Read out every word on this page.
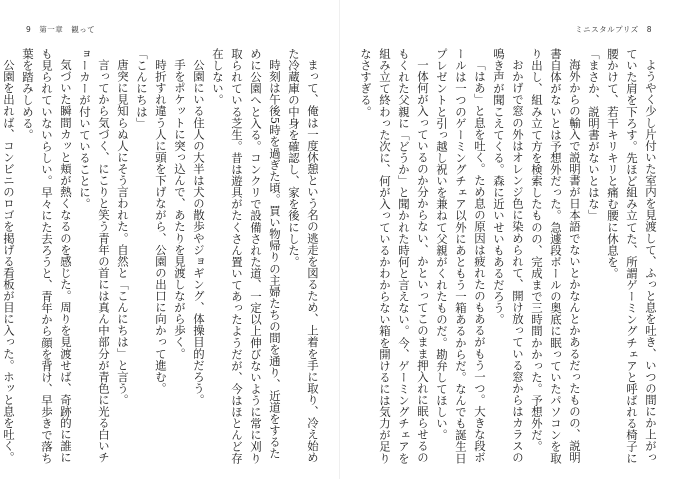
9　第一章　観って

まって、俺は一度休憩という名の逃走を図るため、上着を手に取り、冷え始めた冷蔵庫の中身を確認し、家を後にした。

時刻は午後5時を過ぎた頃。買い物帰りの主婦たちの間を通り、近道をするために公園へと入る。コンクリで設備された道、一定以上伸びないように常に刈り取られている芝生。昔は遊具がたくさん置いてあったようだが、今はほとんど存在しない。

公園にいる住人の大半は犬の散歩やジョギング、体操目的だろう。

手をポケットに突っ込んで、あたりを見渡しながら歩く。

時折すれ違う人に頭を下げながら、公園の出口に向かって進む。

「こんにちは」

唐突に見知らぬ人にそう言われた。自然と「こんにちは」と言う。

言ってから気づく、にこりと笑う青年の首には真ん中部分が青色に光る白いチョーカーが付いていることに。

気づいた瞬間カッと頬が熱くなるのを感じた。周りを見渡せば、奇跡的に誰にも見られていないらしい。早々にた去ろうと、青年から顔を背け、早歩きで落ち葉を踏みしめる。

公園を出れば、コンビニのロゴを掲げる看板が目に入った。ホッと息を吐く。

ミニスタルプリズ　8

ようやく少し片付いた室内を見渡して、ふっと息を吐き、いつの間にか上がっていた肩を下ろす。先ほど組み立てた、所謂ゲーミングチェアと呼ばれる椅子に腰かけて、若干キリキリと痛む腰に休息を。

「まさか、説明書がないとはな」

海外からの輸入で説明書が日本語でないとかなんとかあるだったものの、説明書自体がないとは予想外だった。急遽段ボールの奥底に眠っていたパソコンを取り出し、組み立て方を検索したものの、完成まで三時間かかった。予想外だ。

おかげで窓の外はオレンジ色に染められて、開け放っている窓からはカラスの鳴き声が聞こえてくる。森に近いせいもあるだろう。

「はあ」と息を吐く。ため息の原因は疲れたのもあるがもう一つ。大きな段ボールは一つのゲーミングチェア以外にあともう一箱あるからだ。なんでも誕生日プレゼントと引っ越し祝いを兼ねて父親がくれたものだ。勘弁してほしい。

一体何が入っているのか分からない、かといってこのまま押入れに眠らせるのもくれた父親に「どうか」と聞かれた時何と言えない。今、ゲーミングチェアを組み立て終わった次に、何が入っているかわからない箱を開けるには気力が足りなさすぎる。
